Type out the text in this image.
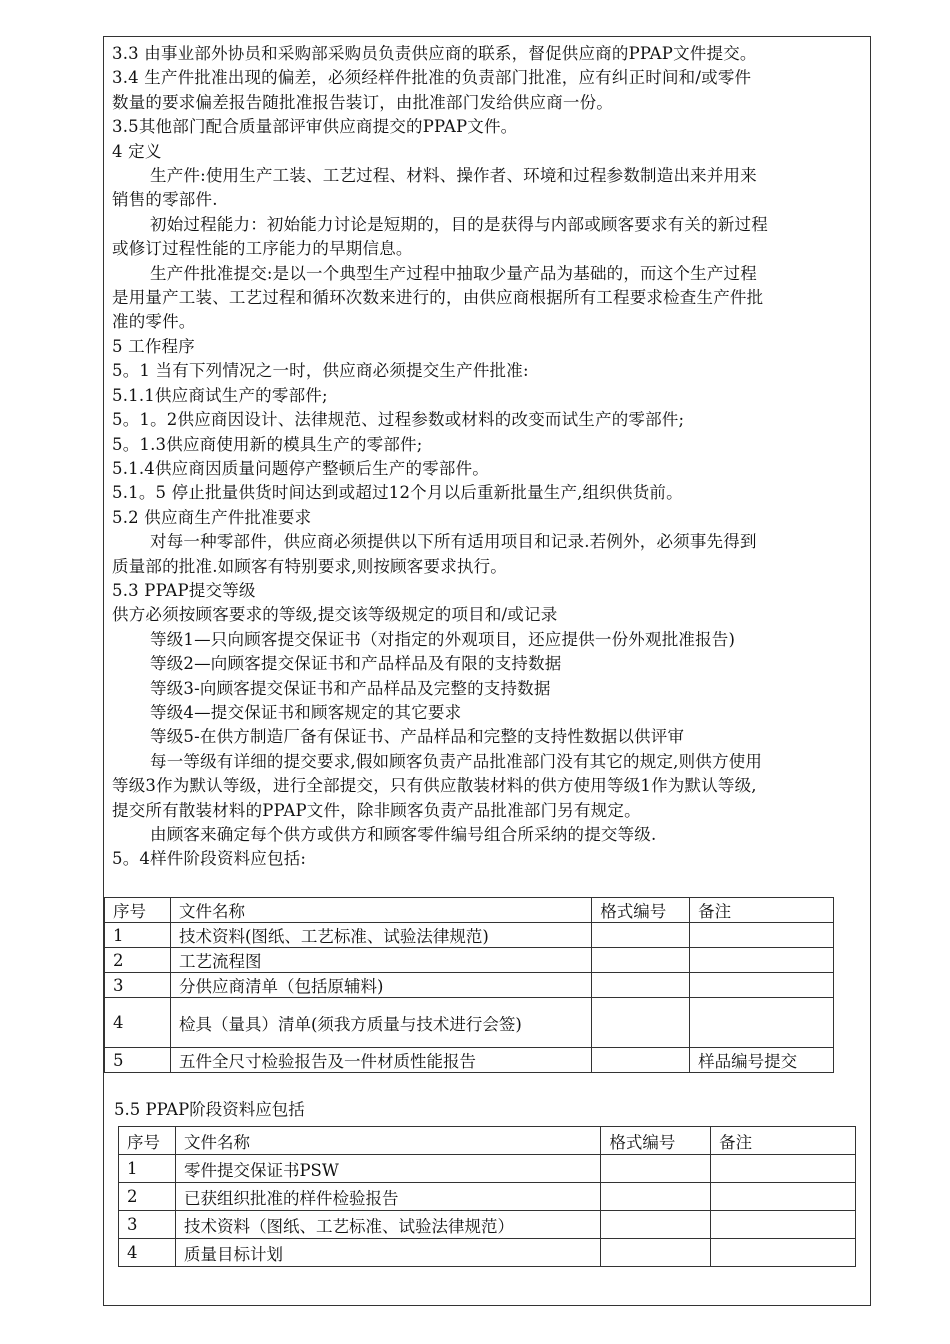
3.3 由事业部外协员和采购部采购员负责供应商的联系，督促供应商的PPAP文件提交。
3.4 生产件批准出现的偏差，必须经样件批准的负责部门批准，应有纠正时间和/或零件
数量的要求偏差报告随批准报告装订，由批准部门发给供应商一份。
3.5其他部门配合质量部评审供应商提交的PPAP文件。
4 定义
生产件:使用生产工装、工艺过程、材料、操作者、环境和过程参数制造出来并用来
销售的零部件.
初始过程能力：初始能力讨论是短期的，目的是获得与内部或顾客要求有关的新过程
或修订过程性能的工序能力的早期信息。
生产件批准提交:是以一个典型生产过程中抽取少量产品为基础的，而这个生产过程
是用量产工装、工艺过程和循环次数来进行的，由供应商根据所有工程要求检查生产件批
准的零件。
5 工作程序
5。1 当有下列情况之一时，供应商必须提交生产件批准:
5.1.1供应商试生产的零部件;
5。1。2供应商因设计、法律规范、过程参数或材料的改变而试生产的零部件;
5。1.3供应商使用新的模具生产的零部件;
5.1.4供应商因质量问题停产整顿后生产的零部件。
5.1。5 停止批量供货时间达到或超过12个月以后重新批量生产,组织供货前。
5.2 供应商生产件批准要求
对每一种零部件，供应商必须提供以下所有适用项目和记录.若例外，必须事先得到
质量部的批准.如顾客有特别要求,则按顾客要求执行。
5.3 PPAP提交等级
供方必须按顾客要求的等级,提交该等级规定的项目和/或记录
等级1—只向顾客提交保证书（对指定的外观项目，还应提供一份外观批准报告)
等级2—向顾客提交保证书和产品样品及有限的支持数据
等级3-向顾客提交保证书和产品样品及完整的支持数据
等级4—提交保证书和顾客规定的其它要求
等级5-在供方制造厂备有保证书、产品样品和完整的支持性数据以供评审
每一等级有详细的提交要求,假如顾客负责产品批准部门没有其它的规定,则供方使用
等级3作为默认等级，进行全部提交，只有供应散装材料的供方使用等级1作为默认等级,
提交所有散装材料的PPAP文件，除非顾客负责产品批准部门另有规定。
由顾客来确定每个供方或供方和顾客零件编号组合所采纳的提交等级.
5。4样件阶段资料应包括:
序号	文件名称	格式编号	备注
1	技术资料(图纸、工艺标准、试验法律规范)		
2	工艺流程图		
3	分供应商清单（包括原辅料)		
4	检具（量具）清单(须我方质量与技术进行会签)		
5	五件全尺寸检验报告及一件材质性能报告		样品编号提交
5.5 PPAP阶段资料应包括
序号	文件名称	格式编号	备注
1	零件提交保证书PSW		
2	已获组织批准的样件检验报告		
3	技术资料（图纸、工艺标准、试验法律规范）		
4	质量目标计划		
